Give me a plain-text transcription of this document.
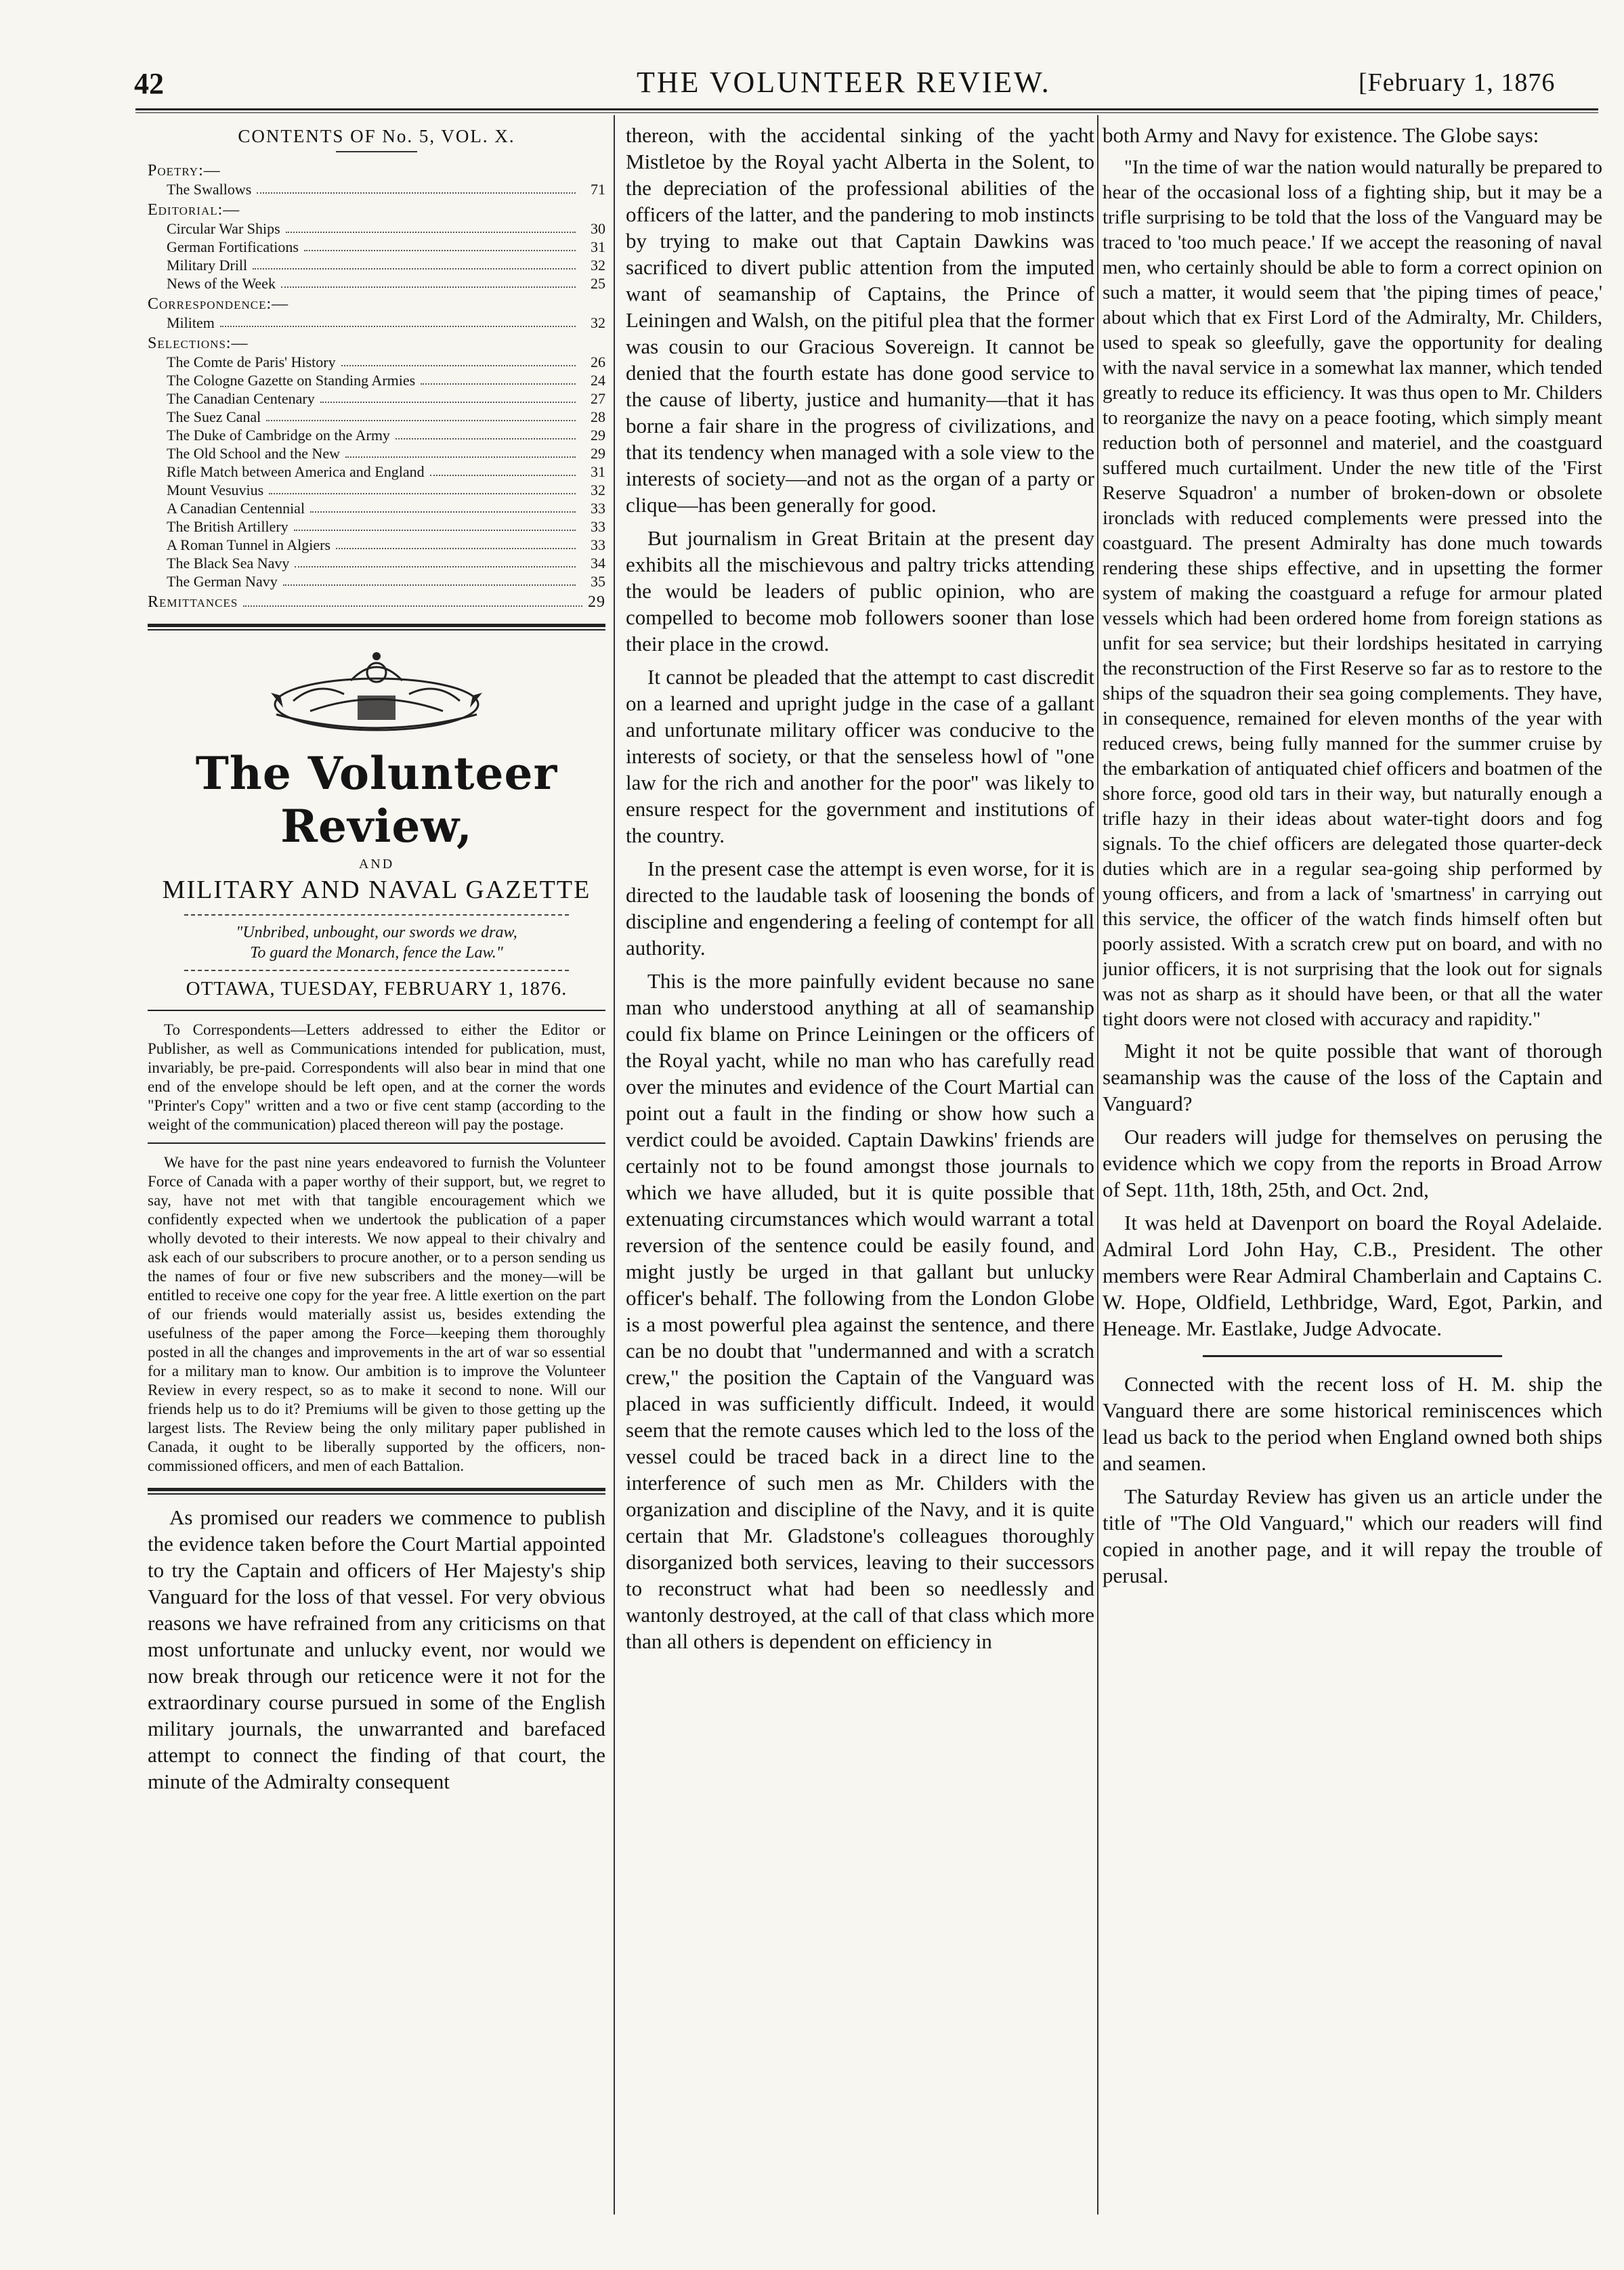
42	THE VOLUNTEER REVIEW.	[February 1, 1876
CONTENTS OF No. 5, VOL. X.
Poetry:—
The Swallows	71
Editorial:—
Circular War Ships	30
German Fortifications	31
Military Drill	32
News of the Week	25
Correspondence:—
Militem	32
Selections:—
The Comte de Paris' History	26
The Cologne Gazette on Standing Armies	24
The Canadian Centenary	27
The Suez Canal	28
The Duke of Cambridge on the Army	29
The Old School and the New	29
Rifle Match between America and England	31
Mount Vesuvius	32
A Canadian Centennial	33
The British Artillery	33
A Roman Tunnel in Algiers	33
The Black Sea Navy	34
The German Navy	35
Remittances	29
The Volunteer Review,
AND
MILITARY AND NAVAL GAZETTE
"Unbribed, unbought, our swords we draw,
To guard the Monarch, fence the Law."
OTTAWA, TUESDAY, FEBRUARY 1, 1876.

To Correspondents—Letters addressed to either the Editor or Publisher, as well as Communications intended for publication, must, invariably, be pre-paid. Correspondents will also bear in mind that one end of the envelope should be left open, and at the corner the words "Printer's Copy" written and a two or five cent stamp (according to the weight of the communication) placed thereon will pay the postage.

We have for the past nine years endeavored to furnish the Volunteer Force of Canada with a paper worthy of their support, but, we regret to say, have not met with that tangible encouragement which we confidently expected when we undertook the publication of a paper wholly devoted to their interests. We now appeal to their chivalry and ask each of our subscribers to procure another, or to a person sending us the names of four or five new subscribers and the money—will be entitled to receive one copy for the year free. A little exertion on the part of our friends would materially assist us, besides extending the usefulness of the paper among the Force—keeping them thoroughly posted in all the changes and improvements in the art of war so essential for a military man to know. Our ambition is to improve the Volunteer Review in every respect, so as to make it second to none. Will our friends help us to do it? Premiums will be given to those getting up the largest lists. The Review being the only military paper published in Canada, it ought to be liberally supported by the officers, non-commissioned officers, and men of each Battalion.

As promised our readers we commence to publish the evidence taken before the Court Martial appointed to try the Captain and officers of Her Majesty's ship Vanguard for the loss of that vessel. For very obvious reasons we have refrained from any criticisms on that most unfortunate and unlucky event, nor would we now break through our reticence were it not for the extraordinary course pursued in some of the English military journals, the unwarranted and barefaced attempt to connect the finding of that court, the minute of the Admiralty consequent

thereon, with the accidental sinking of the yacht Mistletoe by the Royal yacht Alberta in the Solent, to the depreciation of the professional abilities of the officers of the latter, and the pandering to mob instincts by trying to make out that Captain Dawkins was sacrificed to divert public attention from the imputed want of seamanship of Captains, the Prince of Leiningen and Walsh, on the pitiful plea that the former was cousin to our Gracious Sovereign. It cannot be denied that the fourth estate has done good service to the cause of liberty, justice and humanity—that it has borne a fair share in the progress of civilizations, and that its tendency when managed with a sole view to the interests of society—and not as the organ of a party or clique—has been generally for good.

But journalism in Great Britain at the present day exhibits all the mischievous and paltry tricks attending the would be leaders of public opinion, who are compelled to become mob followers sooner than lose their place in the crowd.

It cannot be pleaded that the attempt to cast discredit on a learned and upright judge in the case of a gallant and unfortunate military officer was conducive to the interests of society, or that the senseless howl of "one law for the rich and another for the poor" was likely to ensure respect for the government and institutions of the country.

In the present case the attempt is even worse, for it is directed to the laudable task of loosening the bonds of discipline and engendering a feeling of contempt for all authority.

This is the more painfully evident because no sane man who understood anything at all of seamanship could fix blame on Prince Leiningen or the officers of the Royal yacht, while no man who has carefully read over the minutes and evidence of the Court Martial can point out a fault in the finding or show how such a verdict could be avoided. Captain Dawkins' friends are certainly not to be found amongst those journals to which we have alluded, but it is quite possible that extenuating circumstances which would warrant a total reversion of the sentence could be easily found, and might justly be urged in that gallant but unlucky officer's behalf. The following from the London Globe is a most powerful plea against the sentence, and there can be no doubt that "undermanned and with a scratch crew," the position the Captain of the Vanguard was placed in was sufficiently difficult. Indeed, it would seem that the remote causes which led to the loss of the vessel could be traced back in a direct line to the interference of such men as Mr. Childers with the organization and discipline of the Navy, and it is quite certain that Mr. Gladstone's colleagues thoroughly disorganized both services, leaving to their successors to reconstruct what had been so needlessly and wantonly destroyed, at the call of that class which more than all others is dependent on efficiency in

both Army and Navy for existence. The Globe says:

"In the time of war the nation would naturally be prepared to hear of the occasional loss of a fighting ship, but it may be a trifle surprising to be told that the loss of the Vanguard may be traced to 'too much peace.' If we accept the reasoning of naval men, who certainly should be able to form a correct opinion on such a matter, it would seem that 'the piping times of peace,' about which that ex First Lord of the Admiralty, Mr. Childers, used to speak so gleefully, gave the opportunity for dealing with the naval service in a somewhat lax manner, which tended greatly to reduce its efficiency. It was thus open to Mr. Childers to reorganize the navy on a peace footing, which simply meant reduction both of personnel and materiel, and the coastguard suffered much curtailment. Under the new title of the 'First Reserve Squadron' a number of broken-down or obsolete ironclads with reduced complements were pressed into the coastguard. The present Admiralty has done much towards rendering these ships effective, and in upsetting the former system of making the coastguard a refuge for armour plated vessels which had been ordered home from foreign stations as unfit for sea service; but their lordships hesitated in carrying the reconstruction of the First Reserve so far as to restore to the ships of the squadron their sea going complements. They have, in consequence, remained for eleven months of the year with reduced crews, being fully manned for the summer cruise by the embarkation of antiquated chief officers and boatmen of the shore force, good old tars in their way, but naturally enough a trifle hazy in their ideas about water-tight doors and fog signals. To the chief officers are delegated those quarter-deck duties which are in a regular sea-going ship performed by young officers, and from a lack of 'smartness' in carrying out this service, the officer of the watch finds himself often but poorly assisted. With a scratch crew put on board, and with no junior officers, it is not surprising that the look out for signals was not as sharp as it should have been, or that all the water tight doors were not closed with accuracy and rapidity."

Might it not be quite possible that want of thorough seamanship was the cause of the loss of the Captain and Vanguard?

Our readers will judge for themselves on perusing the evidence which we copy from the reports in Broad Arrow of Sept. 11th, 18th, 25th, and Oct. 2nd,

It was held at Davenport on board the Royal Adelaide. Admiral Lord John Hay, C.B., President. The other members were Rear Admiral Chamberlain and Captains C. W. Hope, Oldfield, Lethbridge, Ward, Egot, Parkin, and Heneage. Mr. Eastlake, Judge Advocate.

Connected with the recent loss of H. M. ship the Vanguard there are some historical reminiscences which lead us back to the period when England owned both ships and seamen.

The Saturday Review has given us an article under the title of "The Old Vanguard," which our readers will find copied in another page, and it will repay the trouble of perusal.
